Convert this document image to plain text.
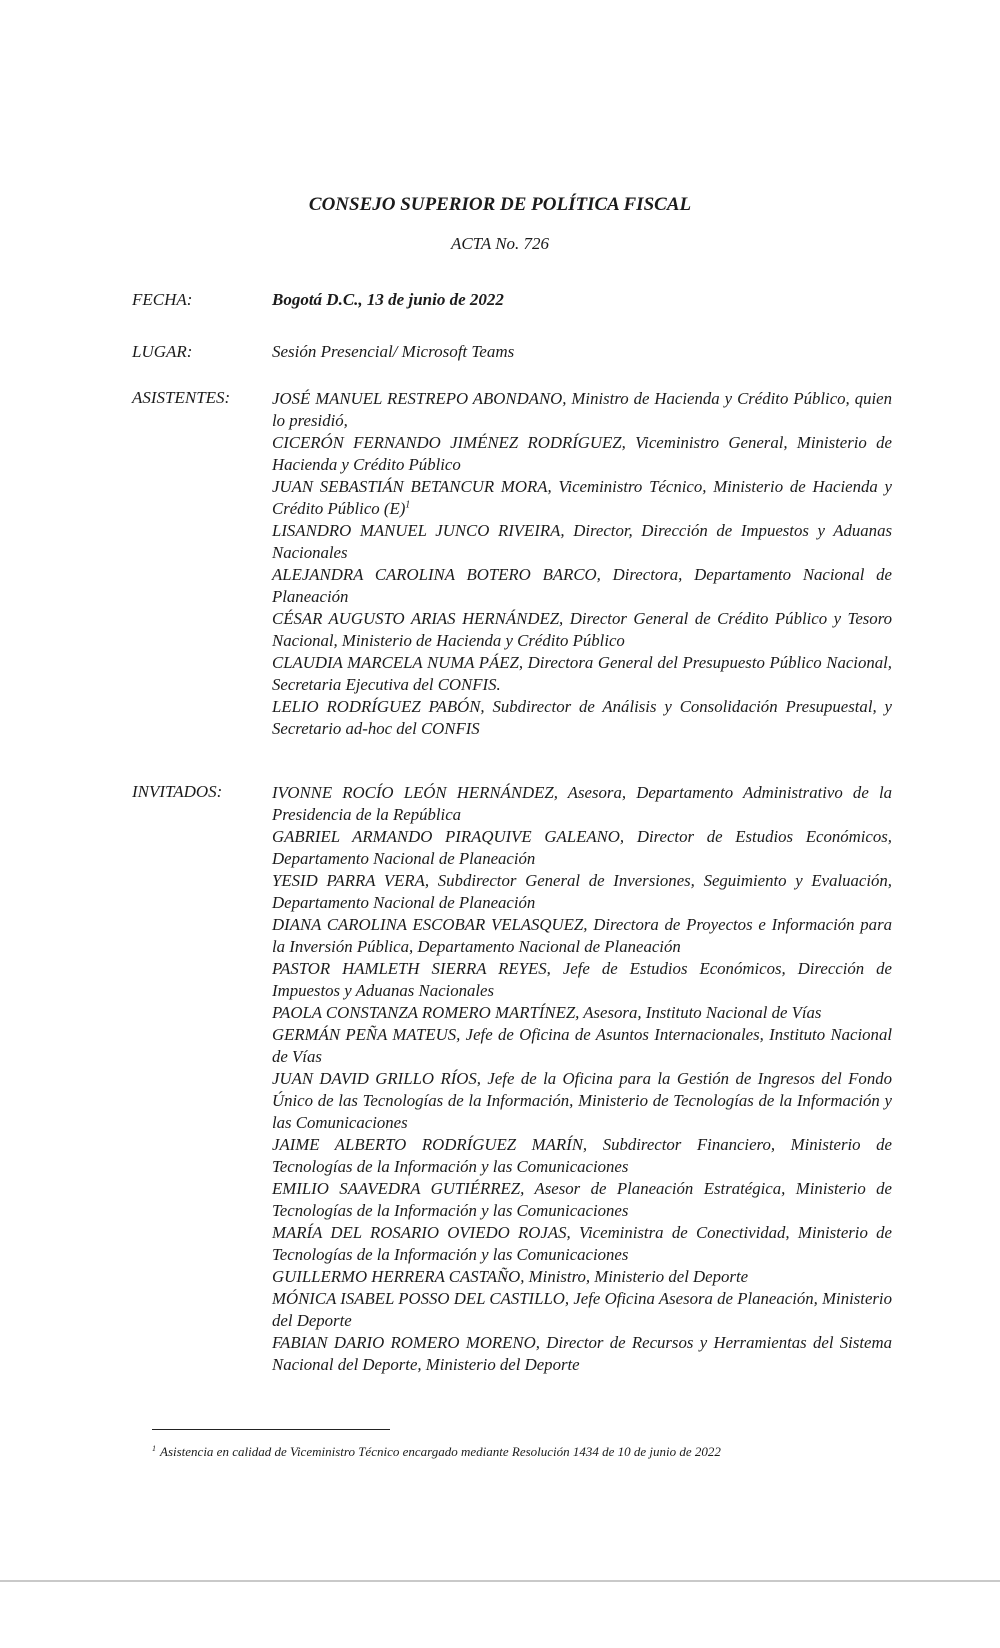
CONSEJO SUPERIOR DE POLÍTICA FISCAL
ACTA No. 726
FECHA:	Bogotá D.C., 13 de junio de 2022
LUGAR:	Sesión Presencial/ Microsoft Teams
ASISTENTES: JOSÉ MANUEL RESTREPO ABONDANO, Ministro de Hacienda y Crédito Público, quien lo presidió,

CICERÓN FERNANDO JIMÉNEZ RODRÍGUEZ, Viceministro General, Ministerio de Hacienda y Crédito Público

JUAN SEBASTIÁN BETANCUR MORA, Viceministro Técnico, Ministerio de Hacienda y Crédito Público $(E)^1$

LISANDRO MANUEL JUNCO RIVEIRA, Director, Dirección de Impuestos y Aduanas Nacionales

ALEJANDRA CAROLINA BOTERO BARCO, Directora, Departamento Nacional de Planeación

CÉSAR AUGUSTO ARIAS HERNÁNDEZ, Director General de Crédito Público y Tesoro Nacional, Ministerio de Hacienda y Crédito Público

CLAUDIA MARCELA NUMA PÁEZ, Directora General del Presupuesto Público Nacional, Secretaria Ejecutiva del CONFIS.

LELIO RODRÍGUEZ PABÓN, Subdirector de Análisis y Consolidación Presupuestal, y Secretario ad-hoc del CONFIS

INVITADOS:	IVONNE ROCÍO LEÓN HERNÁNDEZ, Asesora, Departamento Administrativo de la Presidencia de la República

GABRIEL ARMANDO PIRAQUIVE GALEANO, Director de Estudios Económicos, Departamento Nacional de Planeación

YESID PARRA VERA, Subdirector General de Inversiones, Seguimiento y Evaluación, Departamento Nacional de Planeación

DIANA CAROLINA ESCOBAR VELASQUEZ, Directora de Proyectos e Información para la Inversión Pública, Departamento Nacional de Planeación

PASTOR HAMLETH SIERRA REYES, Jefe de Estudios Económicos, Dirección de Impuestos y Aduanas Nacionales

PAOLA CONSTANZA ROMERO MARTÍNEZ, Asesora, Instituto Nacional de Vías

GERMÁN PEÑA MATEUS, Jefe de Oficina de Asuntos Internacionales, Instituto Nacional de Vías

JUAN DAVID GRILLO RÍOS, Jefe de la Oficina para la Gestión de Ingresos del Fondo Único de las Tecnologías de la Información, Ministerio de Tecnologías de la Información y las Comunicaciones

JAIME ALBERTO RODRÍGUEZ MARÍN, Subdirector Financiero, Ministerio de Tecnologías de la Información y las Comunicaciones

EMILIO SAAVEDRA GUTIÉRREZ, Asesor de Planeación Estratégica, Ministerio de Tecnologías de la Información y las Comunicaciones

MARÍA DEL ROSARIO OVIEDO ROJAS, Viceministra de Conectividad, Ministerio de Tecnologías de la Información y las Comunicaciones

GUILLERMO HERRERA CASTAÑO, Ministro, Ministerio del Deporte

MÓNICA ISABEL POSSO DEL CASTILLO, Jefe Oficina Asesora de Planeación, Ministerio del Deporte

FABIAN DARIO ROMERO MORENO, Director de Recursos y Herramientas del Sistema Nacional del Deporte, Ministerio del Deporte

$^1$ Asistencia en calidad de Viceministro Técnico encargado mediante Resolución 1434 de 10 de junio de 2022
